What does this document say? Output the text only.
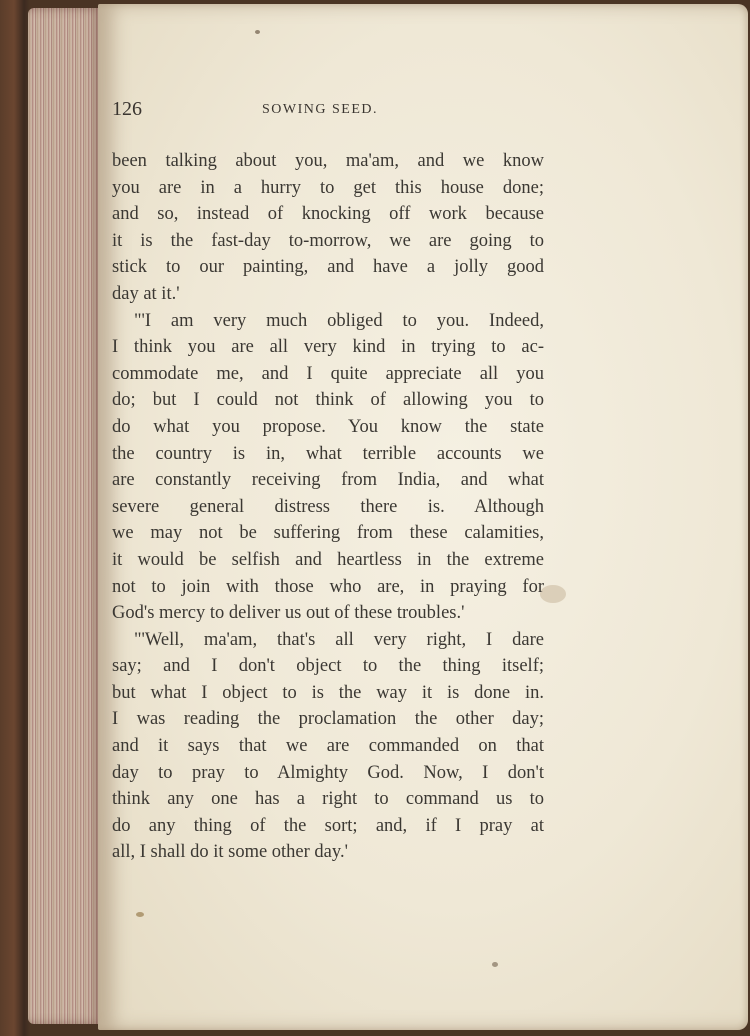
126	SOWING SEED.
been talking about you, ma'am, and we know
you are in a hurry to get this house done;
and so, instead of knocking off work because
it is the fast-day to-morrow, we are going to
stick to our painting, and have a jolly good
day at it.'
"'I am very much obliged to you. Indeed,
I think you are all very kind in trying to ac-
commodate me, and I quite appreciate all you
do; but I could not think of allowing you to
do what you propose. You know the state
the country is in, what terrible accounts we
are constantly receiving from India, and what
severe general distress there is. Although
we may not be suffering from these calamities,
it would be selfish and heartless in the extreme
not to join with those who are, in praying for
God's mercy to deliver us out of these troubles.'
"'Well, ma'am, that's all very right, I dare
say; and I don't object to the thing itself;
but what I object to is the way it is done in.
I was reading the proclamation the other day;
and it says that we are commanded on that
day to pray to Almighty God. Now, I don't
think any one has a right to command us to
do any thing of the sort; and, if I pray at
all, I shall do it some other day.'
